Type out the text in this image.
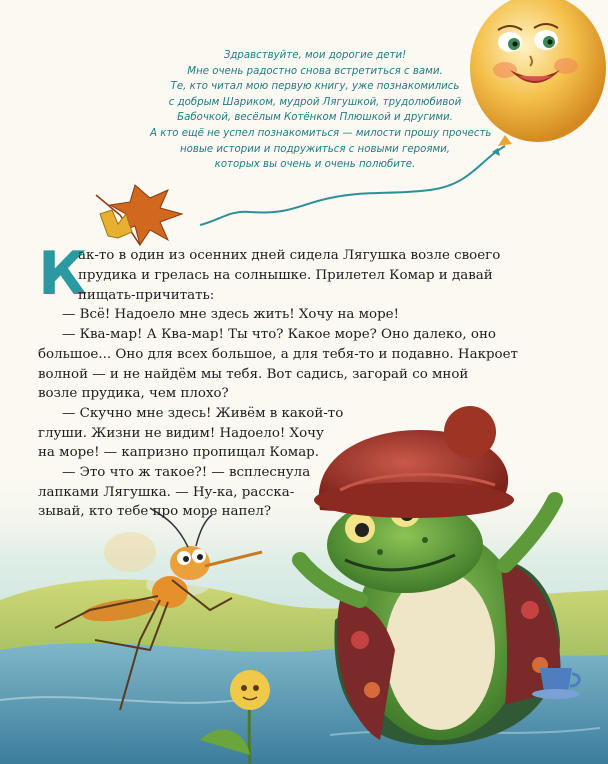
Здравствуйте, мои дорогие дети!
Мне очень радостно снова встретиться с вами.
Те, кто читал мою первую книгу, уже познакомились
с добрым Шариком, мудрой Лягушкой, трудолюбивой
Бабочкой, весёлым Котёнком Плюшкой и другими.
А кто ещё не успел познакомиться — милости прошу прочесть
новые истории и подружиться с новыми героями,
которых вы очень и очень полюбите.
К
ак-то в один из осенних дней сидела Лягушка возле своего
прудика и грелась на солнышке. Прилетел Комар и давай
пищать-причитать:
— Всё! Надоело мне здесь жить! Хочу на море!
— Ква-мар! А Ква-мар! Ты что? Какое море? Оно далеко, оно
большое... Оно для всех большое, а для тебя-то и подавно. Накроет
волной — и не найдём мы тебя. Вот садись, загорай со мной
возле прудика, чем плохо?
— Скучно мне здесь! Живём в какой-то
глуши. Жизни не видим! Надоело! Хочу
на море! — капризно пропищал Комар.
— Это что ж такое?! — всплеснула
лапками Лягушка. — Ну-ка, расска-
зывай, кто тебе про море напел?
